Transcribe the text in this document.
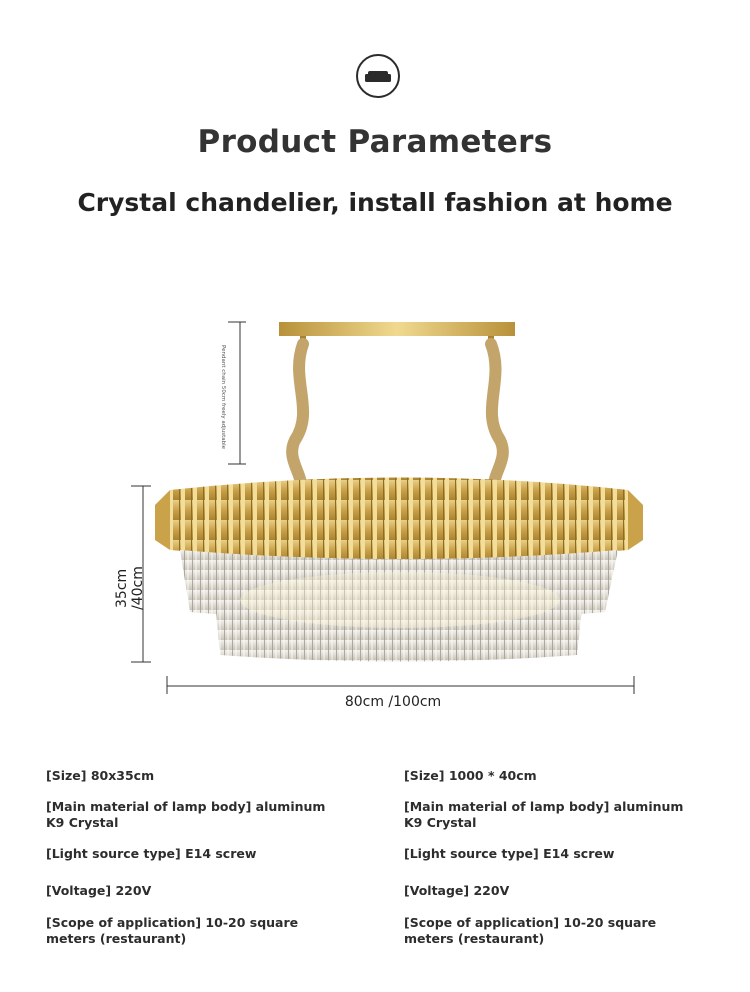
Product Parameters
Crystal chandelier, install fashion at home
Pendant chain 50cm freely adjustable
35cm /40cm
80cm /100cm
[Size] 80x35cm
[Main material of lamp body] aluminum K9 Crystal
[Light source type] E14 screw
[Voltage] 220V
[Scope of application] 10-20 square meters (restaurant)
[Size] 1000 * 40cm
[Main material of lamp body] aluminum K9 Crystal
[Light source type] E14 screw
[Voltage] 220V
[Scope of application] 10-20 square meters (restaurant)
